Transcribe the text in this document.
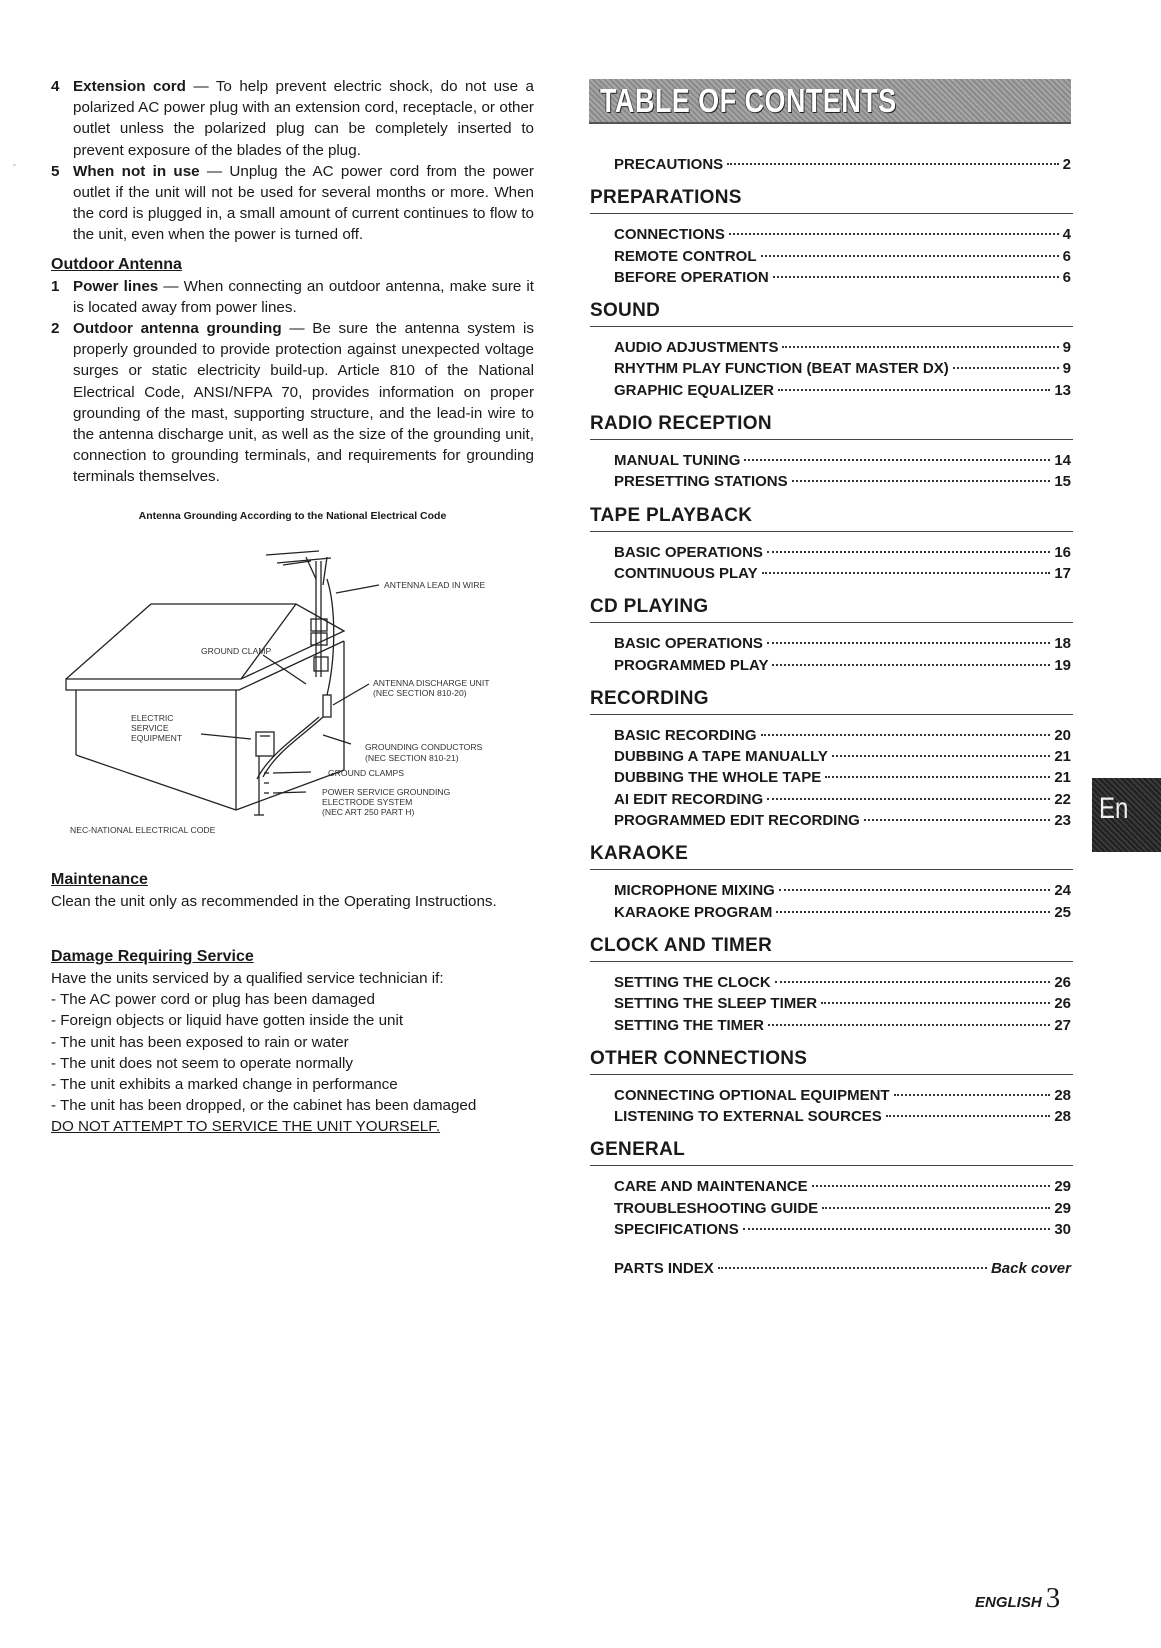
°
4 Extension cord — To help prevent electric shock, do not use a polarized AC power plug with an extension cord, receptacle, or other outlet unless the polarized plug can be completely inserted to prevent exposure of the blades of the plug.
5 When not in use — Unplug the AC power cord from the power outlet if the unit will not be used for several months or more. When the cord is plugged in, a small amount of current continues to flow to the unit, even when the power is turned off.
Outdoor Antenna
1 Power lines — When connecting an outdoor antenna, make sure it is located away from power lines.
2 Outdoor antenna grounding — Be sure the antenna system is properly grounded to provide protection against unexpected voltage surges or static electricity build-up. Article 810 of the National Electrical Code, ANSI/NFPA 70, provides information on proper grounding of the mast, supporting structure, and the lead-in wire to the antenna discharge unit, as well as the size of the grounding unit, connection to grounding terminals, and requirements for grounding terminals themselves.
Antenna Grounding According to the National Electrical Code
ANTENNA LEAD IN WIRE
GROUND CLAMP
ANTENNA DISCHARGE UNIT
(NEC SECTION 810-20)
ELECTRIC
SERVICE
EQUIPMENT
GROUNDING CONDUCTORS
(NEC SECTION 810-21)
GROUND CLAMPS
POWER SERVICE GROUNDING
ELECTRODE SYSTEM
(NEC ART 250 PART H)
NEC-NATIONAL ELECTRICAL CODE
Maintenance
Clean the unit only as recommended in the Operating Instructions.
Damage Requiring Service
Have the units serviced by a qualified service technician if:
- The AC power cord or plug has been damaged
- Foreign objects or liquid have gotten inside the unit
- The unit has been exposed to rain or water
- The unit does not seem to operate normally
- The unit exhibits a marked change in performance
- The unit has been dropped, or the cabinet has been damaged
DO NOT ATTEMPT TO SERVICE THE UNIT YOURSELF.
TABLE OF CONTENTS
PRECAUTIONS	2
PREPARATIONS
CONNECTIONS	4
REMOTE CONTROL	6
BEFORE OPERATION	6
SOUND
AUDIO ADJUSTMENTS	9
RHYTHM PLAY FUNCTION (BEAT MASTER DX)	9
GRAPHIC EQUALIZER	13
RADIO RECEPTION
MANUAL TUNING	14
PRESETTING STATIONS	15
TAPE PLAYBACK
BASIC OPERATIONS	16
CONTINUOUS PLAY	17
CD PLAYING
BASIC OPERATIONS	18
PROGRAMMED PLAY	19
RECORDING
BASIC RECORDING	20
DUBBING A TAPE MANUALLY	21
DUBBING THE WHOLE TAPE	21
AI EDIT RECORDING	22
PROGRAMMED EDIT RECORDING	23
KARAOKE
MICROPHONE MIXING	24
KARAOKE PROGRAM	25
CLOCK AND TIMER
SETTING THE CLOCK	26
SETTING THE SLEEP TIMER	26
SETTING THE TIMER	27
OTHER CONNECTIONS
CONNECTING OPTIONAL EQUIPMENT	28
LISTENING TO EXTERNAL SOURCES	28
GENERAL
CARE AND MAINTENANCE	29
TROUBLESHOOTING GUIDE	29
SPECIFICATIONS	30
PARTS INDEX	Back cover
En
ENGLISH 3
